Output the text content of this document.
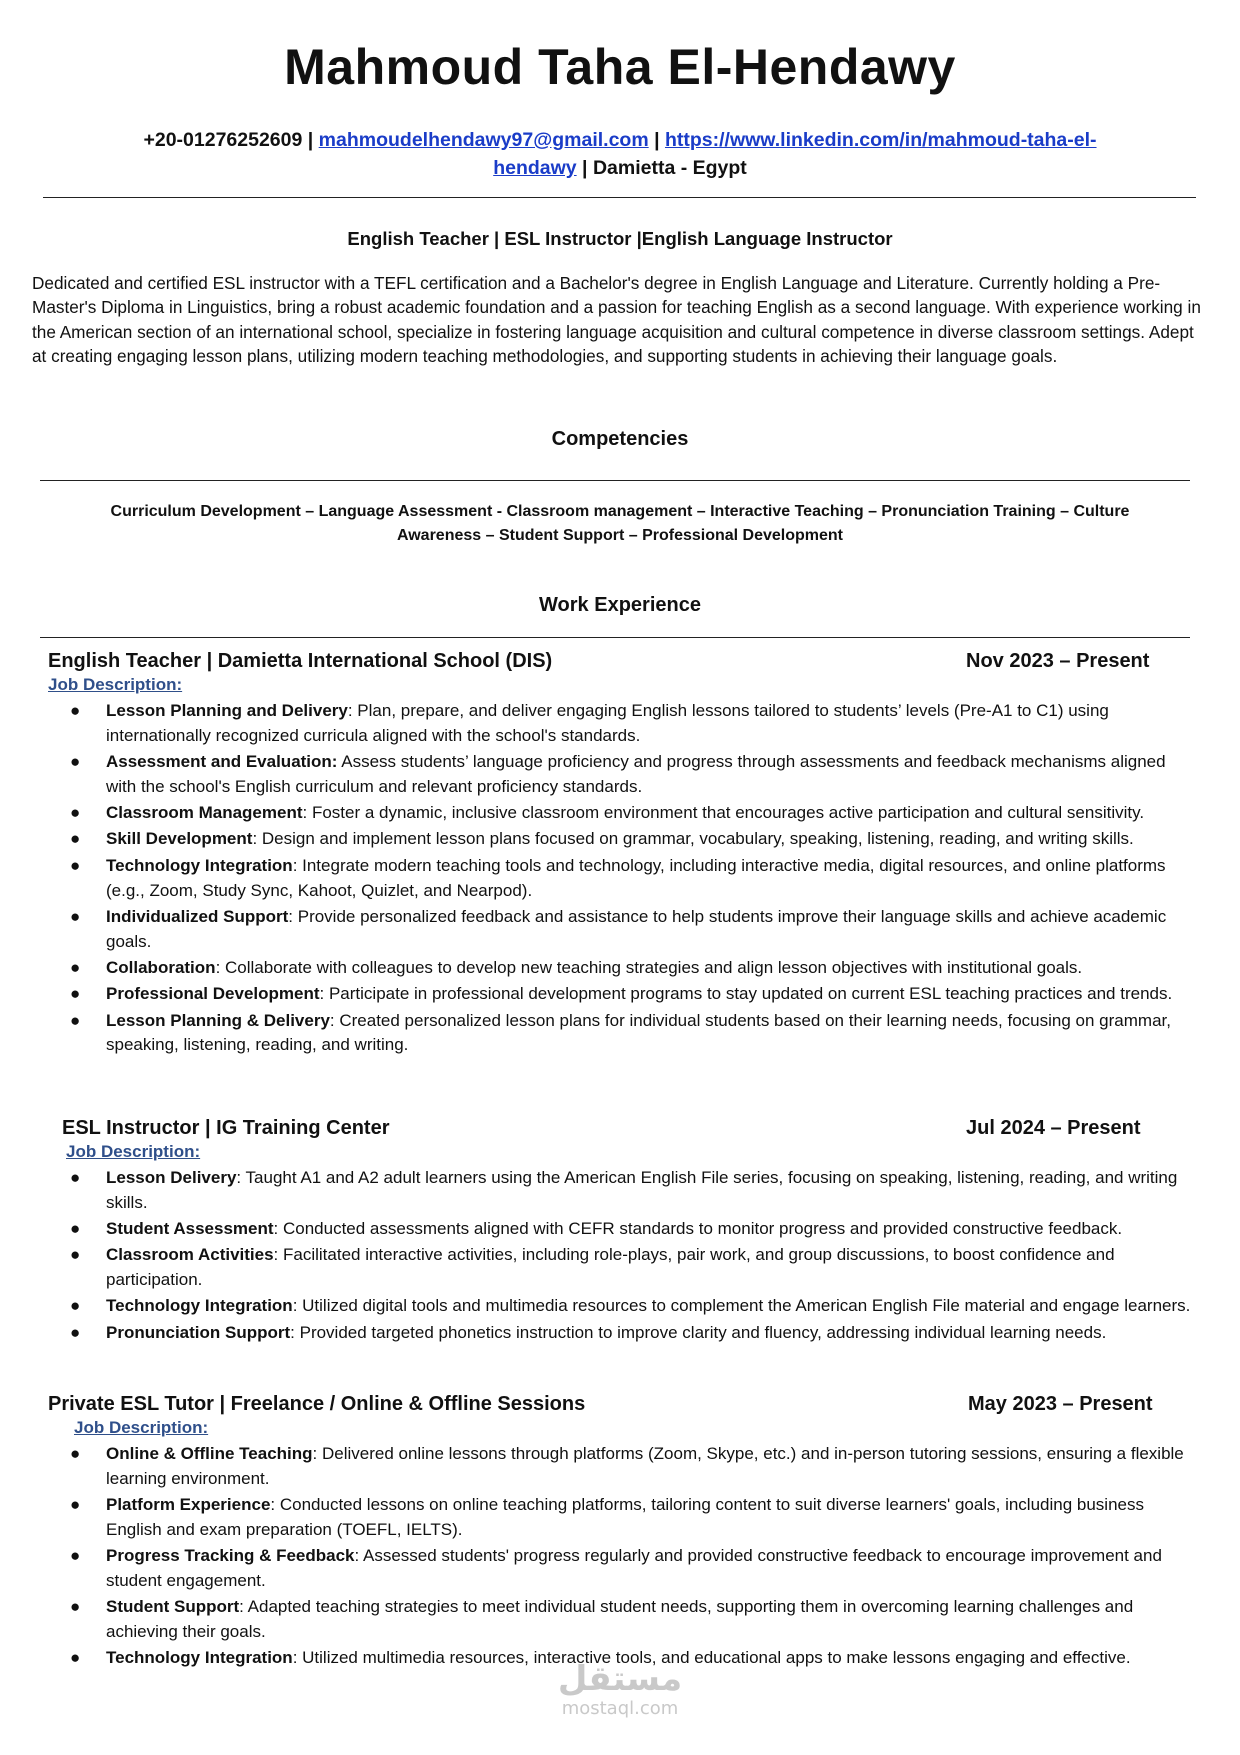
Mahmoud Taha El-Hendawy
+20-01276252609 | mahmoudelhendawy97@gmail.com | https://www.linkedin.com/in/mahmoud-taha-el-
hendawy | Damietta - Egypt
English Teacher | ESL Instructor |English Language Instructor
Dedicated and certified ESL instructor with a TEFL certification and a Bachelor's degree in English Language and Literature. Currently holding a Pre-Master's Diploma in Linguistics, bring a robust academic foundation and a passion for teaching English as a second language. With experience working in the American section of an international school, specialize in fostering language acquisition and cultural competence in diverse classroom settings. Adept at creating engaging lesson plans, utilizing modern teaching methodologies, and supporting students in achieving their language goals.
Competencies
Curriculum Development – Language Assessment - Classroom management – Interactive Teaching – Pronunciation Training – Culture Awareness – Student Support – Professional Development
Work Experience
English Teacher | Damietta International School (DIS)	Nov 2023 – Present
Job Description:
● Lesson Planning and Delivery: Plan, prepare, and deliver engaging English lessons tailored to students’ levels (Pre-A1 to C1) using internationally recognized curricula aligned with the school's standards.
● Assessment and Evaluation: Assess students’ language proficiency and progress through assessments and feedback mechanisms aligned with the school's English curriculum and relevant proficiency standards.
● Classroom Management: Foster a dynamic, inclusive classroom environment that encourages active participation and cultural sensitivity.
● Skill Development: Design and implement lesson plans focused on grammar, vocabulary, speaking, listening, reading, and writing skills.
● Technology Integration: Integrate modern teaching tools and technology, including interactive media, digital resources, and online platforms (e.g., Zoom, Study Sync, Kahoot, Quizlet, and Nearpod).
● Individualized Support: Provide personalized feedback and assistance to help students improve their language skills and achieve academic goals.
● Collaboration: Collaborate with colleagues to develop new teaching strategies and align lesson objectives with institutional goals.
● Professional Development: Participate in professional development programs to stay updated on current ESL teaching practices and trends.
● Lesson Planning & Delivery: Created personalized lesson plans for individual students based on their learning needs, focusing on grammar, speaking, listening, reading, and writing.
ESL Instructor | IG Training Center	Jul 2024 – Present
Job Description:
● Lesson Delivery: Taught A1 and A2 adult learners using the American English File series, focusing on speaking, listening, reading, and writing skills.
● Student Assessment: Conducted assessments aligned with CEFR standards to monitor progress and provided constructive feedback.
● Classroom Activities: Facilitated interactive activities, including role-plays, pair work, and group discussions, to boost confidence and participation.
● Technology Integration: Utilized digital tools and multimedia resources to complement the American English File material and engage learners.
● Pronunciation Support: Provided targeted phonetics instruction to improve clarity and fluency, addressing individual learning needs.
Private ESL Tutor | Freelance / Online & Offline Sessions	May 2023 – Present
Job Description:
● Online & Offline Teaching: Delivered online lessons through platforms (Zoom, Skype, etc.) and in-person tutoring sessions, ensuring a flexible learning environment.
● Platform Experience: Conducted lessons on online teaching platforms, tailoring content to suit diverse learners' goals, including business English and exam preparation (TOEFL, IELTS).
● Progress Tracking & Feedback: Assessed students' progress regularly and provided constructive feedback to encourage improvement and student engagement.
● Student Support: Adapted teaching strategies to meet individual student needs, supporting them in overcoming learning challenges and achieving their goals.
● Technology Integration: Utilized multimedia resources, interactive tools, and educational apps to make lessons engaging and effective.
مستقل
mostaql.com
